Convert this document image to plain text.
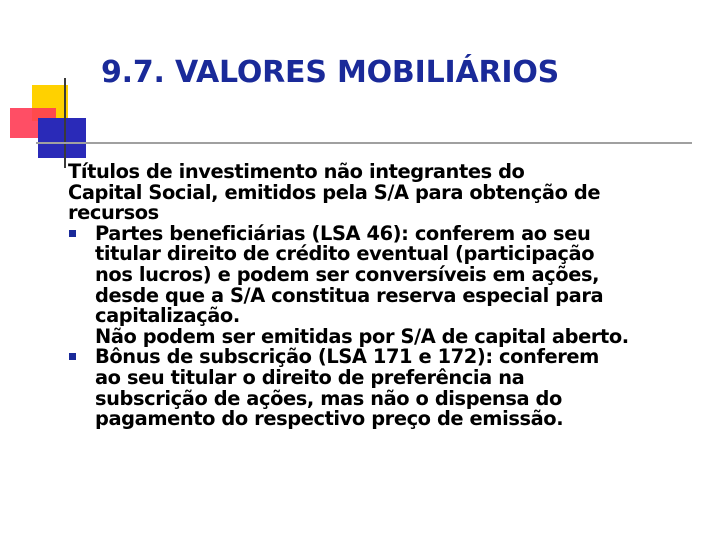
9.7. VALORES MOBILIÁRIOS
Títulos de investimento não integrantes do
Capital Social, emitidos pela S/A para obtenção de
recursos
Partes beneficiárias (LSA 46): conferem ao seu
titular direito de crédito eventual (participação
nos lucros) e podem ser conversíveis em ações,
desde que a S/A constitua reserva especial para
capitalização.
Não podem ser emitidas por S/A de capital aberto.
Bônus de subscrição (LSA 171 e 172): conferem
ao seu titular o direito de preferência na
subscrição de ações, mas não o dispensa do
pagamento do respectivo preço de emissão.
